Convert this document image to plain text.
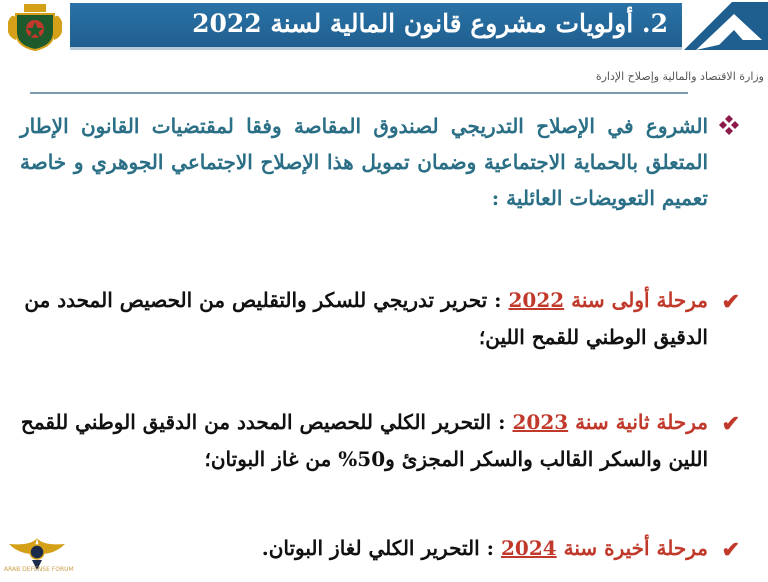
2. أولويات مشروع قانون المالية لسنة 2022
وزارة الاقتصاد والمالية وإصلاح الإدارة
الشروع في الإصلاح التدريجي لصندوق المقاصة وفقا لمقتضيات القانون الإطار المتعلق بالحماية الاجتماعية وضمان تمويل هذا الإصلاح الاجتماعي الجوهري و خاصة تعميم التعويضات العائلية :
✔
مرحلة أولى سنة 2022 : تحرير تدريجي للسكر والتقليص من الحصيص المحدد من الدقيق الوطني للقمح اللين؛
✔
مرحلة ثانية سنة 2023 : التحرير الكلي للحصيص المحدد من الدقيق الوطني للقمح اللين والسكر القالب والسكر المجزئ و50% من غاز البوتان؛
✔
مرحلة أخيرة سنة 2024 : التحرير الكلي لغاز البوتان.
ARAB DEFENSE FORUM
